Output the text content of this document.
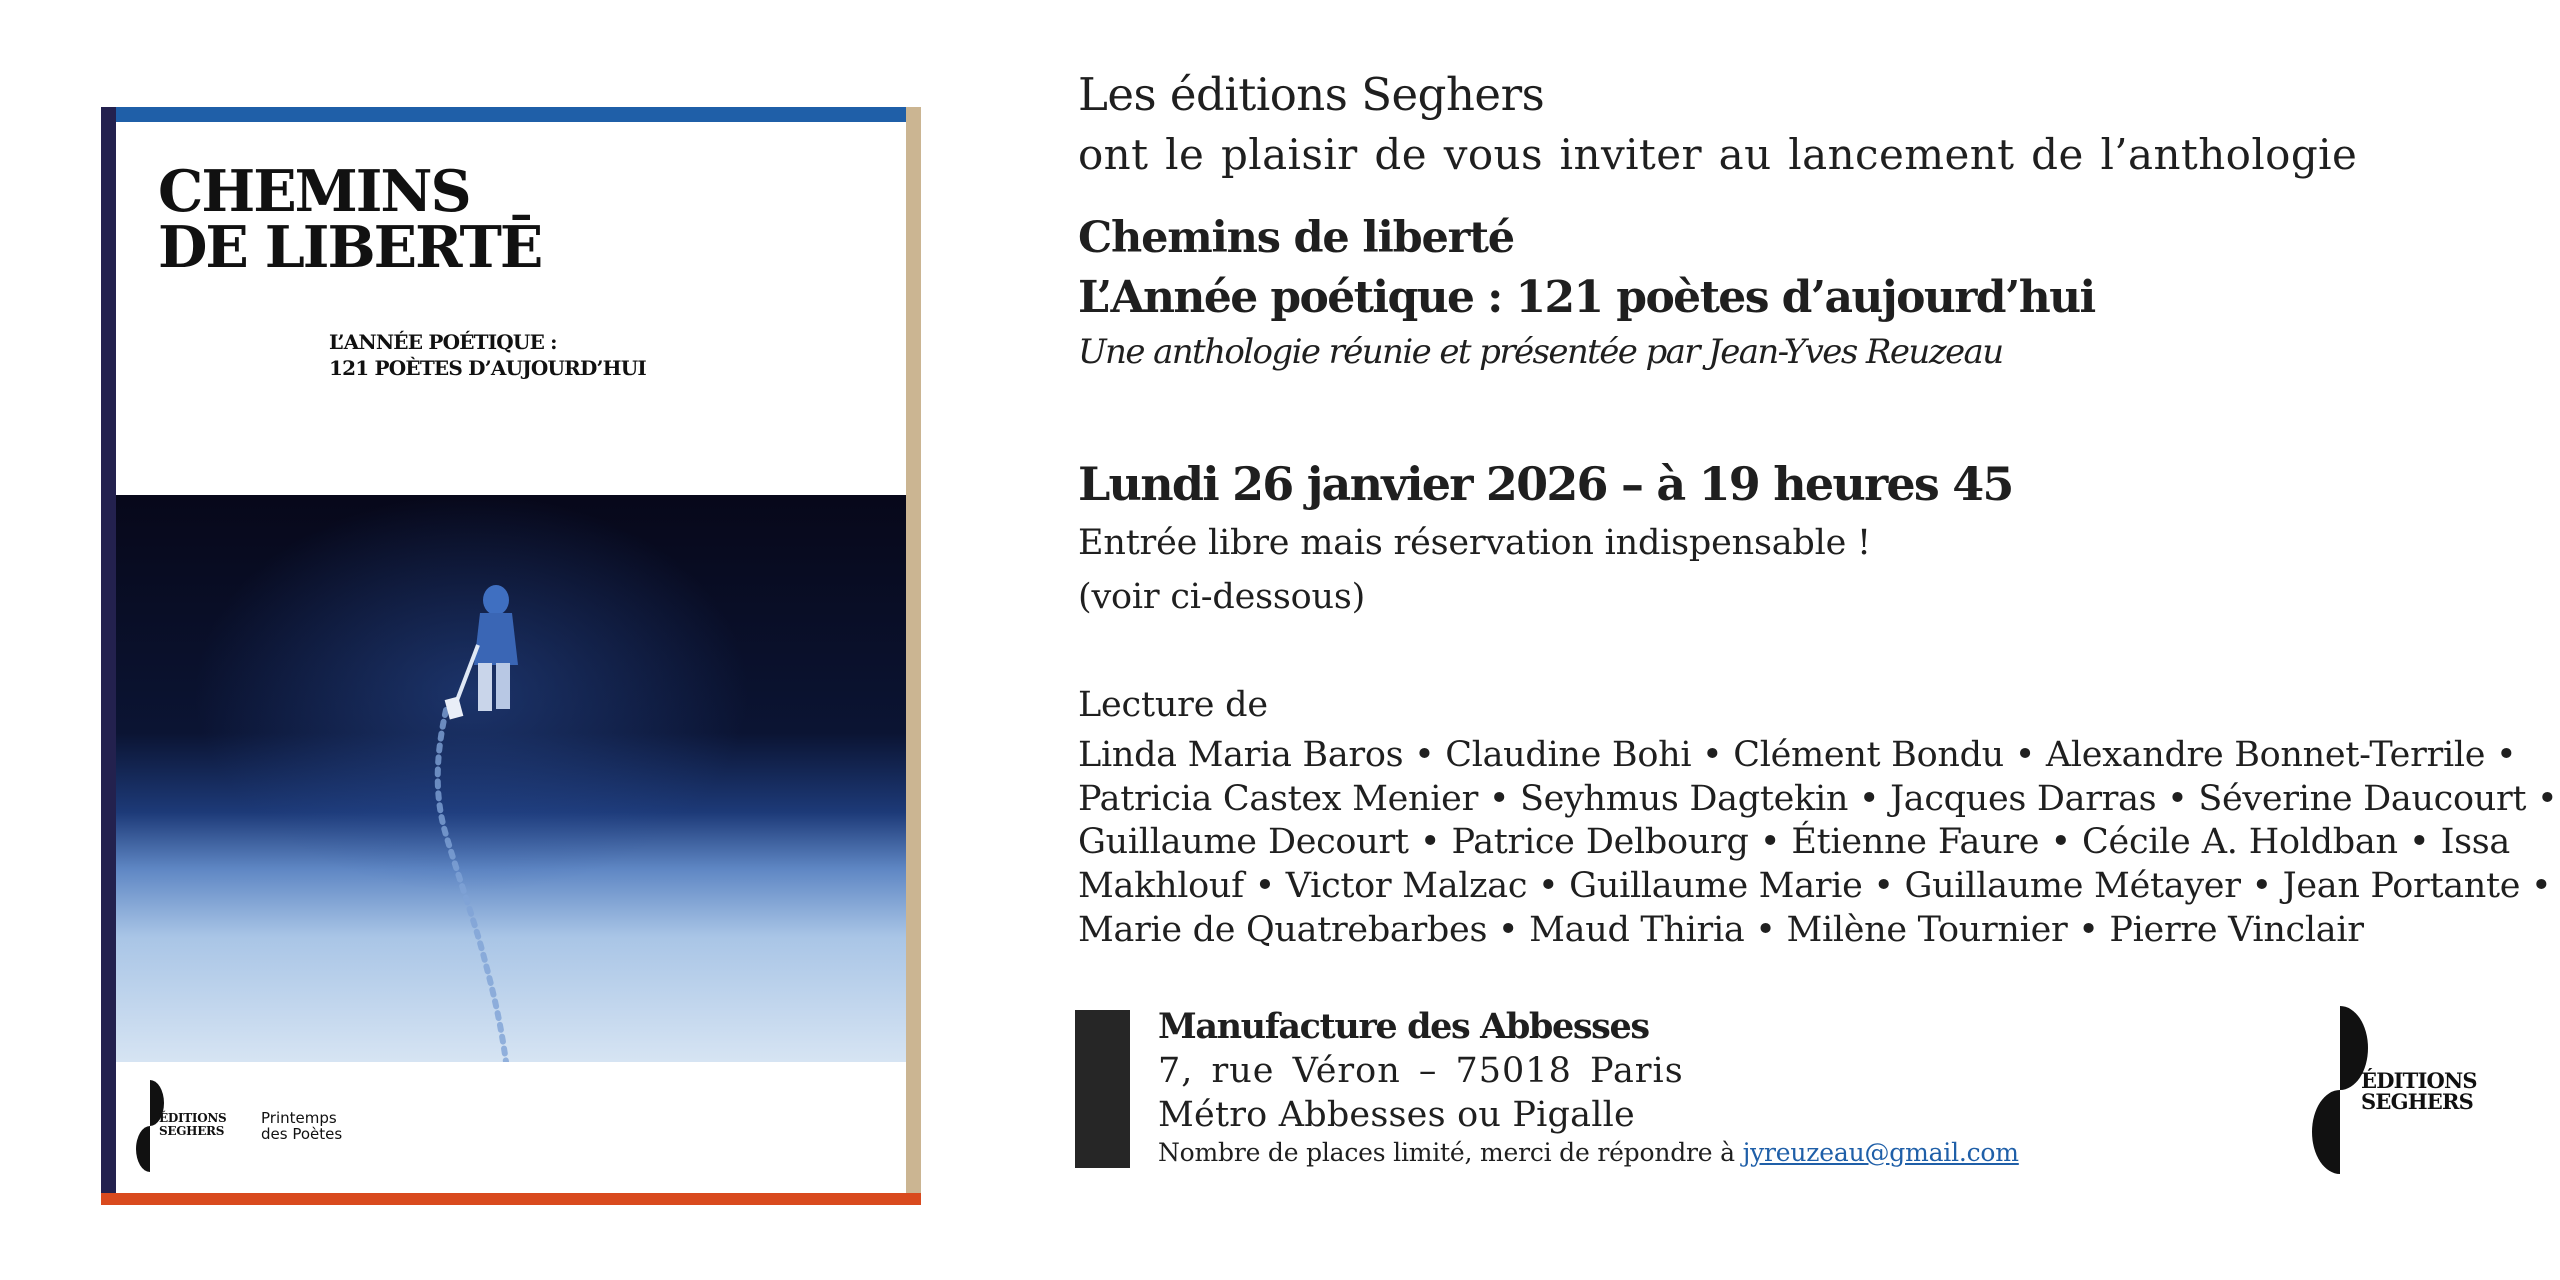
CHEMINS
DE LIBERTĒ

L’ANNÉE POÉTIQUE :
121 POÈTES D’AUJOURD’HUI

ÉDITIONS
SEGHERS
Printemps
des Poètes

Les éditions Seghers

ont le plaisir de vous inviter au lancement de l’anthologie

Chemins de liberté
L’Année poétique : 121 poètes d’aujourd’hui

Une anthologie réunie et présentée par Jean-Yves Reuzeau

Lundi 26 janvier 2026 – à 19 heures 45

Entrée libre mais réservation indispensable !

(voir ci-dessous)

Lecture de

Linda Maria Baros • Claudine Bohi • Clément Bondu • Alexandre Bonnet-Terrile •
Patricia Castex Menier • Seyhmus Dagtekin • Jacques Darras • Séverine Daucourt •
Guillaume Decourt • Patrice Delbourg • Étienne Faure • Cécile A. Holdban • Issa
Makhlouf • Victor Malzac • Guillaume Marie • Guillaume Métayer • Jean Portante •
Marie de Quatrebarbes • Maud Thiria • Milène Tournier • Pierre Vinclair
Manufacture des Abbesses
7, rue Véron – 75018 Paris
Métro Abbesses ou Pigalle
Nombre de places limité, merci de répondre à jyreuzeau@gmail.com
ÉDITIONS
SEGHERS
